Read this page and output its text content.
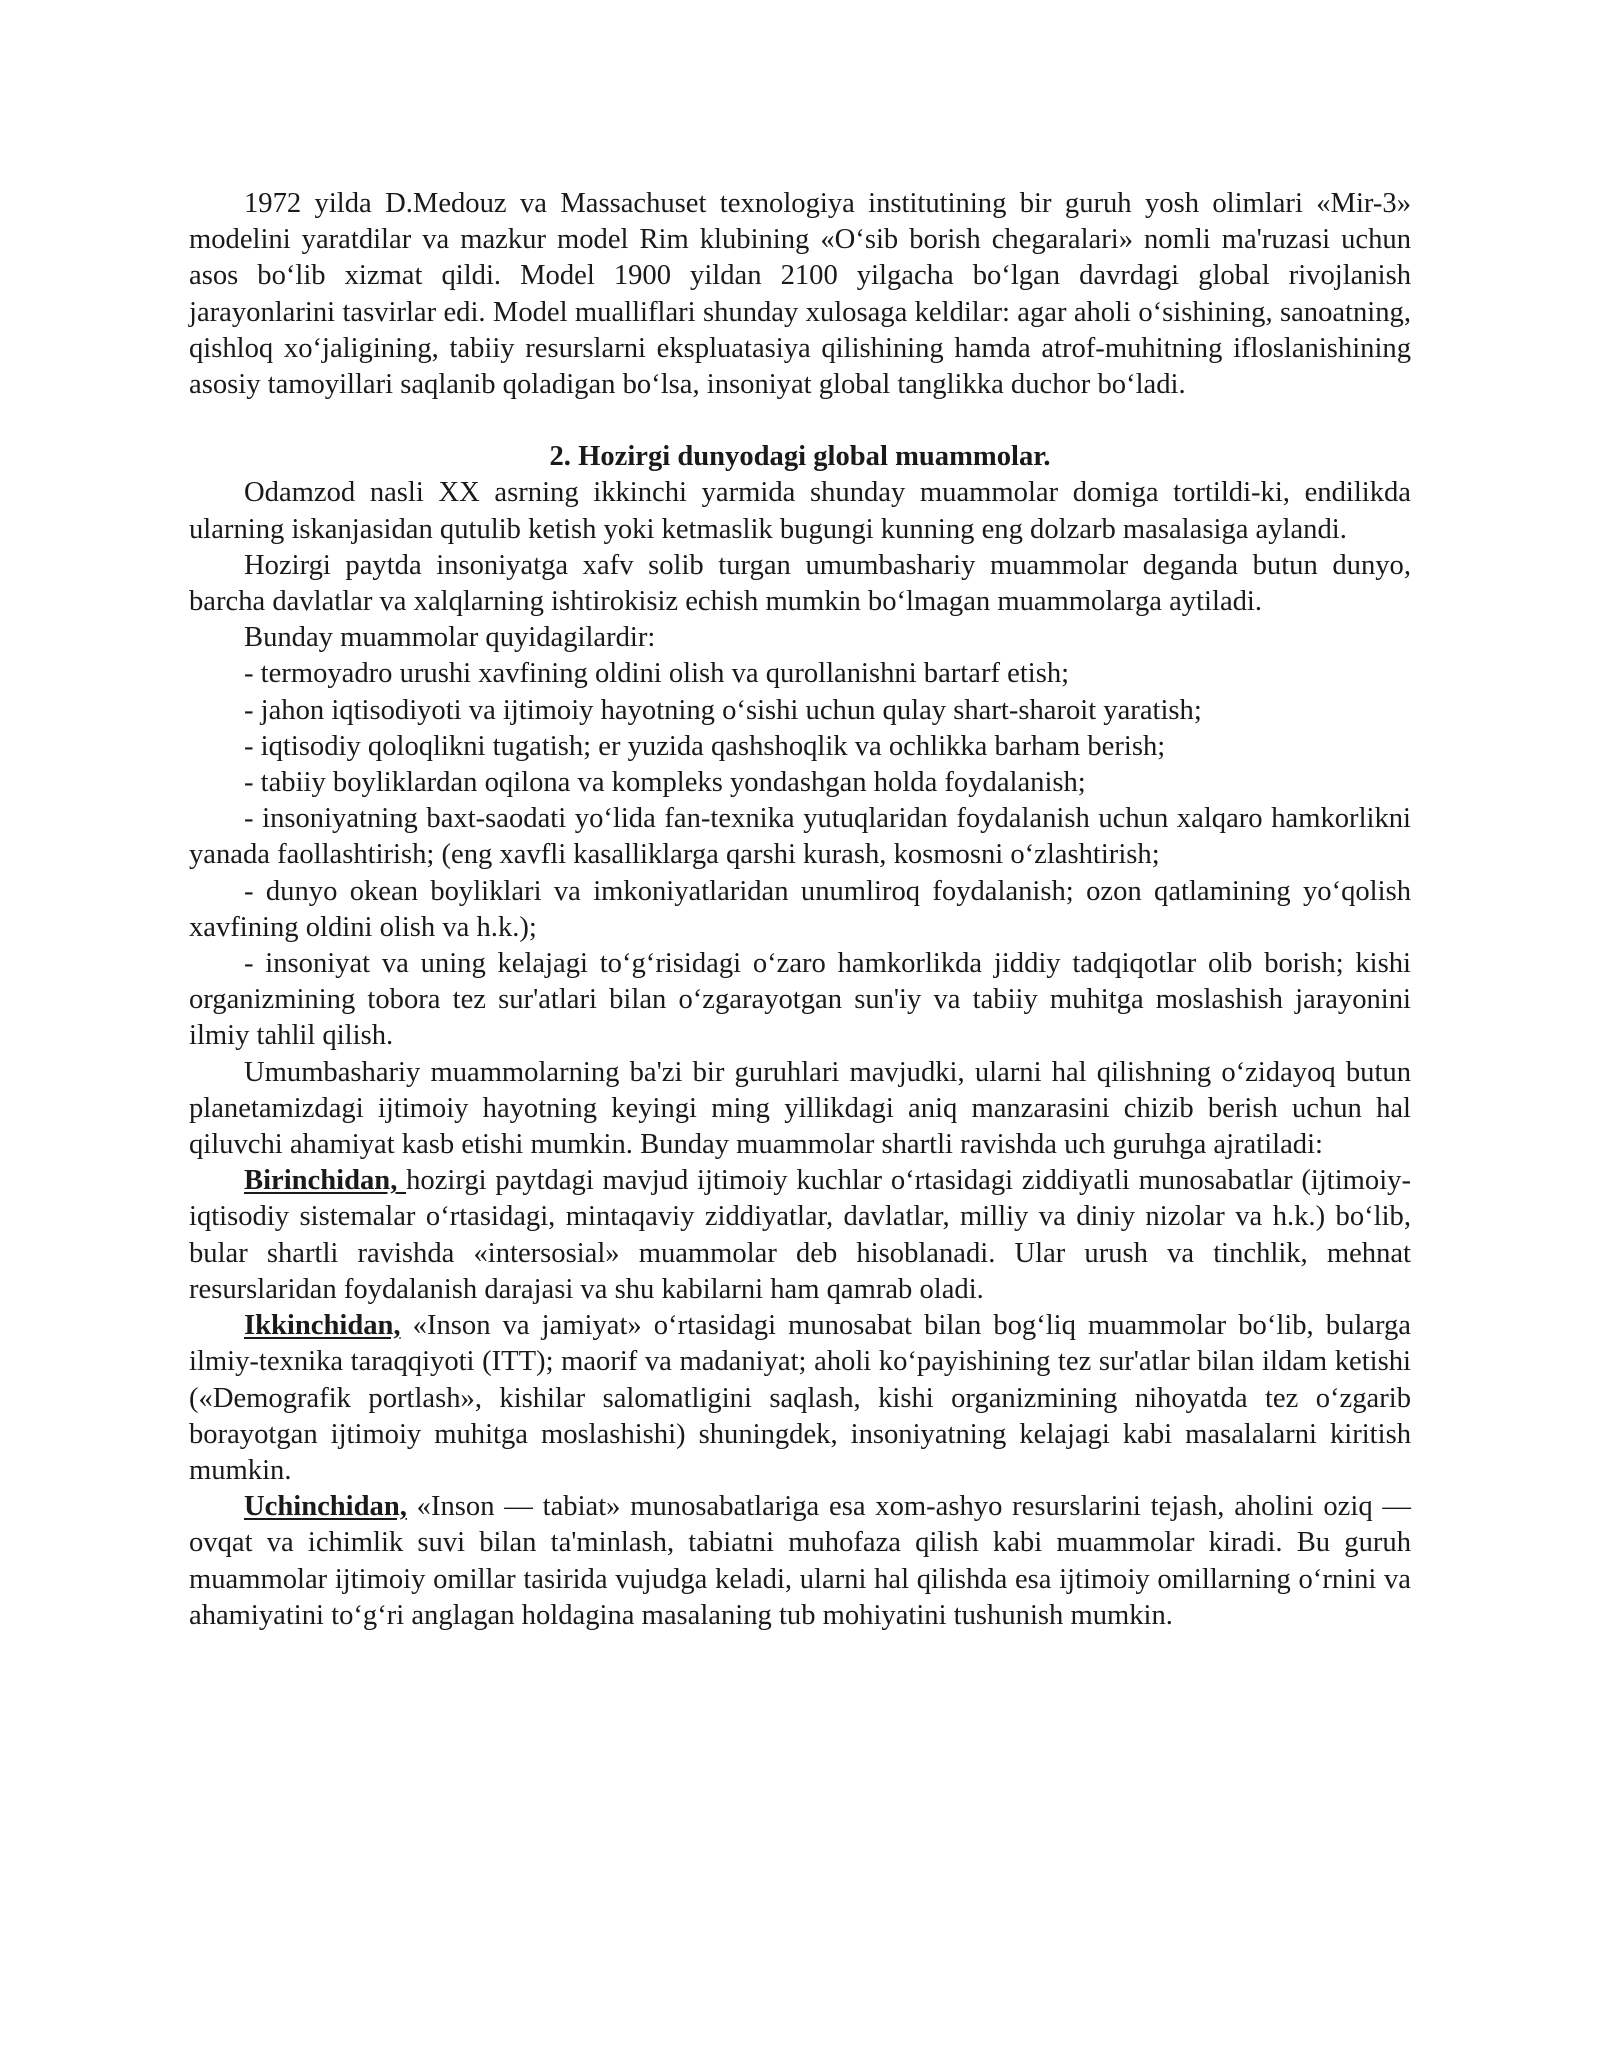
1972 yilda D.Medouz va Massachuset texnologiya institutining bir guruh yosh olimlari «Mir-3» modelini yaratdilar va mazkur model Rim klubining «O‘sib borish chegaralari» nomli ma'ruzasi uchun asos bo‘lib xizmat qildi. Model 1900 yildan 2100 yilgacha bo‘lgan davrdagi global rivojlanish jarayonlarini tasvirlar edi. Model mualliflari shunday xulosaga keldilar: agar aholi o‘sishining, sanoatning, qishloq xo‘jaligining, tabiiy resurslarni ekspluatasiya qilishining hamda atrof-muhitning ifloslanishining asosiy tamoyillari saqlanib qoladigan bo‘lsa, insoniyat global tanglikka duchor bo‘ladi.

2. Hozirgi dunyodagi global muammolar.

Odamzod nasli XX asrning ikkinchi yarmida shunday muammolar domiga tortildi-ki, endilikda ularning iskanjasidan qutulib ketish yoki ketmaslik bugungi kunning eng dolzarb masalasiga aylandi.

Hozirgi paytda insoniyatga xafv solib turgan umumbashariy muammolar deganda butun dunyo, barcha davlatlar va xalqlarning ishtirokisiz echish mumkin bo‘lmagan muammolarga aytiladi.

Bunday muammolar quyidagilardir:

- termoyadro urushi xavfining oldini olish va qurollanishni bartarf etish;

- jahon iqtisodiyoti va ijtimoiy hayotning o‘sishi uchun qulay shart-sharoit yaratish;

- iqtisodiy qoloqlikni tugatish; er yuzida qashshoqlik va ochlikka barham berish;

- tabiiy boyliklardan oqilona va kompleks yondashgan holda foydalanish;

- insoniyatning baxt-saodati yo‘lida fan-texnika yutuqlaridan foydalanish uchun xalqaro hamkorlikni yanada faollashtirish; (eng xavfli kasalliklarga qarshi kurash, kosmosni o‘zlashtirish;

- dunyo okean boyliklari va imkoniyatlaridan unumliroq foydalanish; ozon qatlamining yo‘qolish xavfining oldini olish va h.k.);

- insoniyat va uning kelajagi to‘g‘risidagi o‘zaro hamkorlikda jiddiy tadqiqotlar olib borish; kishi organizmining tobora tez sur'atlari bilan o‘zgarayotgan sun'iy va tabiiy muhitga moslashish jarayonini ilmiy tahlil qilish.

Umumbashariy muammolarning ba'zi bir guruhlari mavjudki, ularni hal qilishning o‘zidayoq butun planetamizdagi ijtimoiy hayotning keyingi ming yillikdagi aniq manzarasini chizib berish uchun hal qiluvchi ahamiyat kasb etishi mumkin. Bunday muammolar shartli ravishda uch guruhga ajratiladi:

Birinchidan, hozirgi paytdagi mavjud ijtimoiy kuchlar o‘rtasidagi ziddiyatli munosabatlar (ijtimoiy-iqtisodiy sistemalar o‘rtasidagi, mintaqaviy ziddiyatlar, davlatlar, milliy va diniy nizolar va h.k.) bo‘lib, bular shartli ravishda «intersosial» muammolar deb hisoblanadi. Ular urush va tinchlik, mehnat resurslaridan foydalanish darajasi va shu kabilarni ham qamrab oladi.

Ikkinchidan, «Inson va jamiyat» o‘rtasidagi munosabat bilan bog‘liq muammolar bo‘lib, bularga ilmiy-texnika taraqqiyoti (ITT); maorif va madaniyat; aholi ko‘payishining tez sur'atlar bilan ildam ketishi («Demografik portlash», kishilar salomatligini saqlash, kishi organizmining nihoyatda tez o‘zgarib borayotgan ijtimoiy muhitga moslashishi) shuningdek, insoniyatning kelajagi kabi masalalarni kiritish mumkin.

Uchinchidan, «Inson — tabiat» munosabatlariga esa xom-ashyo resurslarini tejash, aholini oziq — ovqat va ichimlik suvi bilan ta'minlash, tabiatni muhofaza qilish kabi muammolar kiradi. Bu guruh muammolar ijtimoiy omillar tasirida vujudga keladi, ularni hal qilishda esa ijtimoiy omillarning o‘rnini va ahamiyatini to‘g‘ri anglagan holdagina masalaning tub mohiyatini tushunish mumkin.
